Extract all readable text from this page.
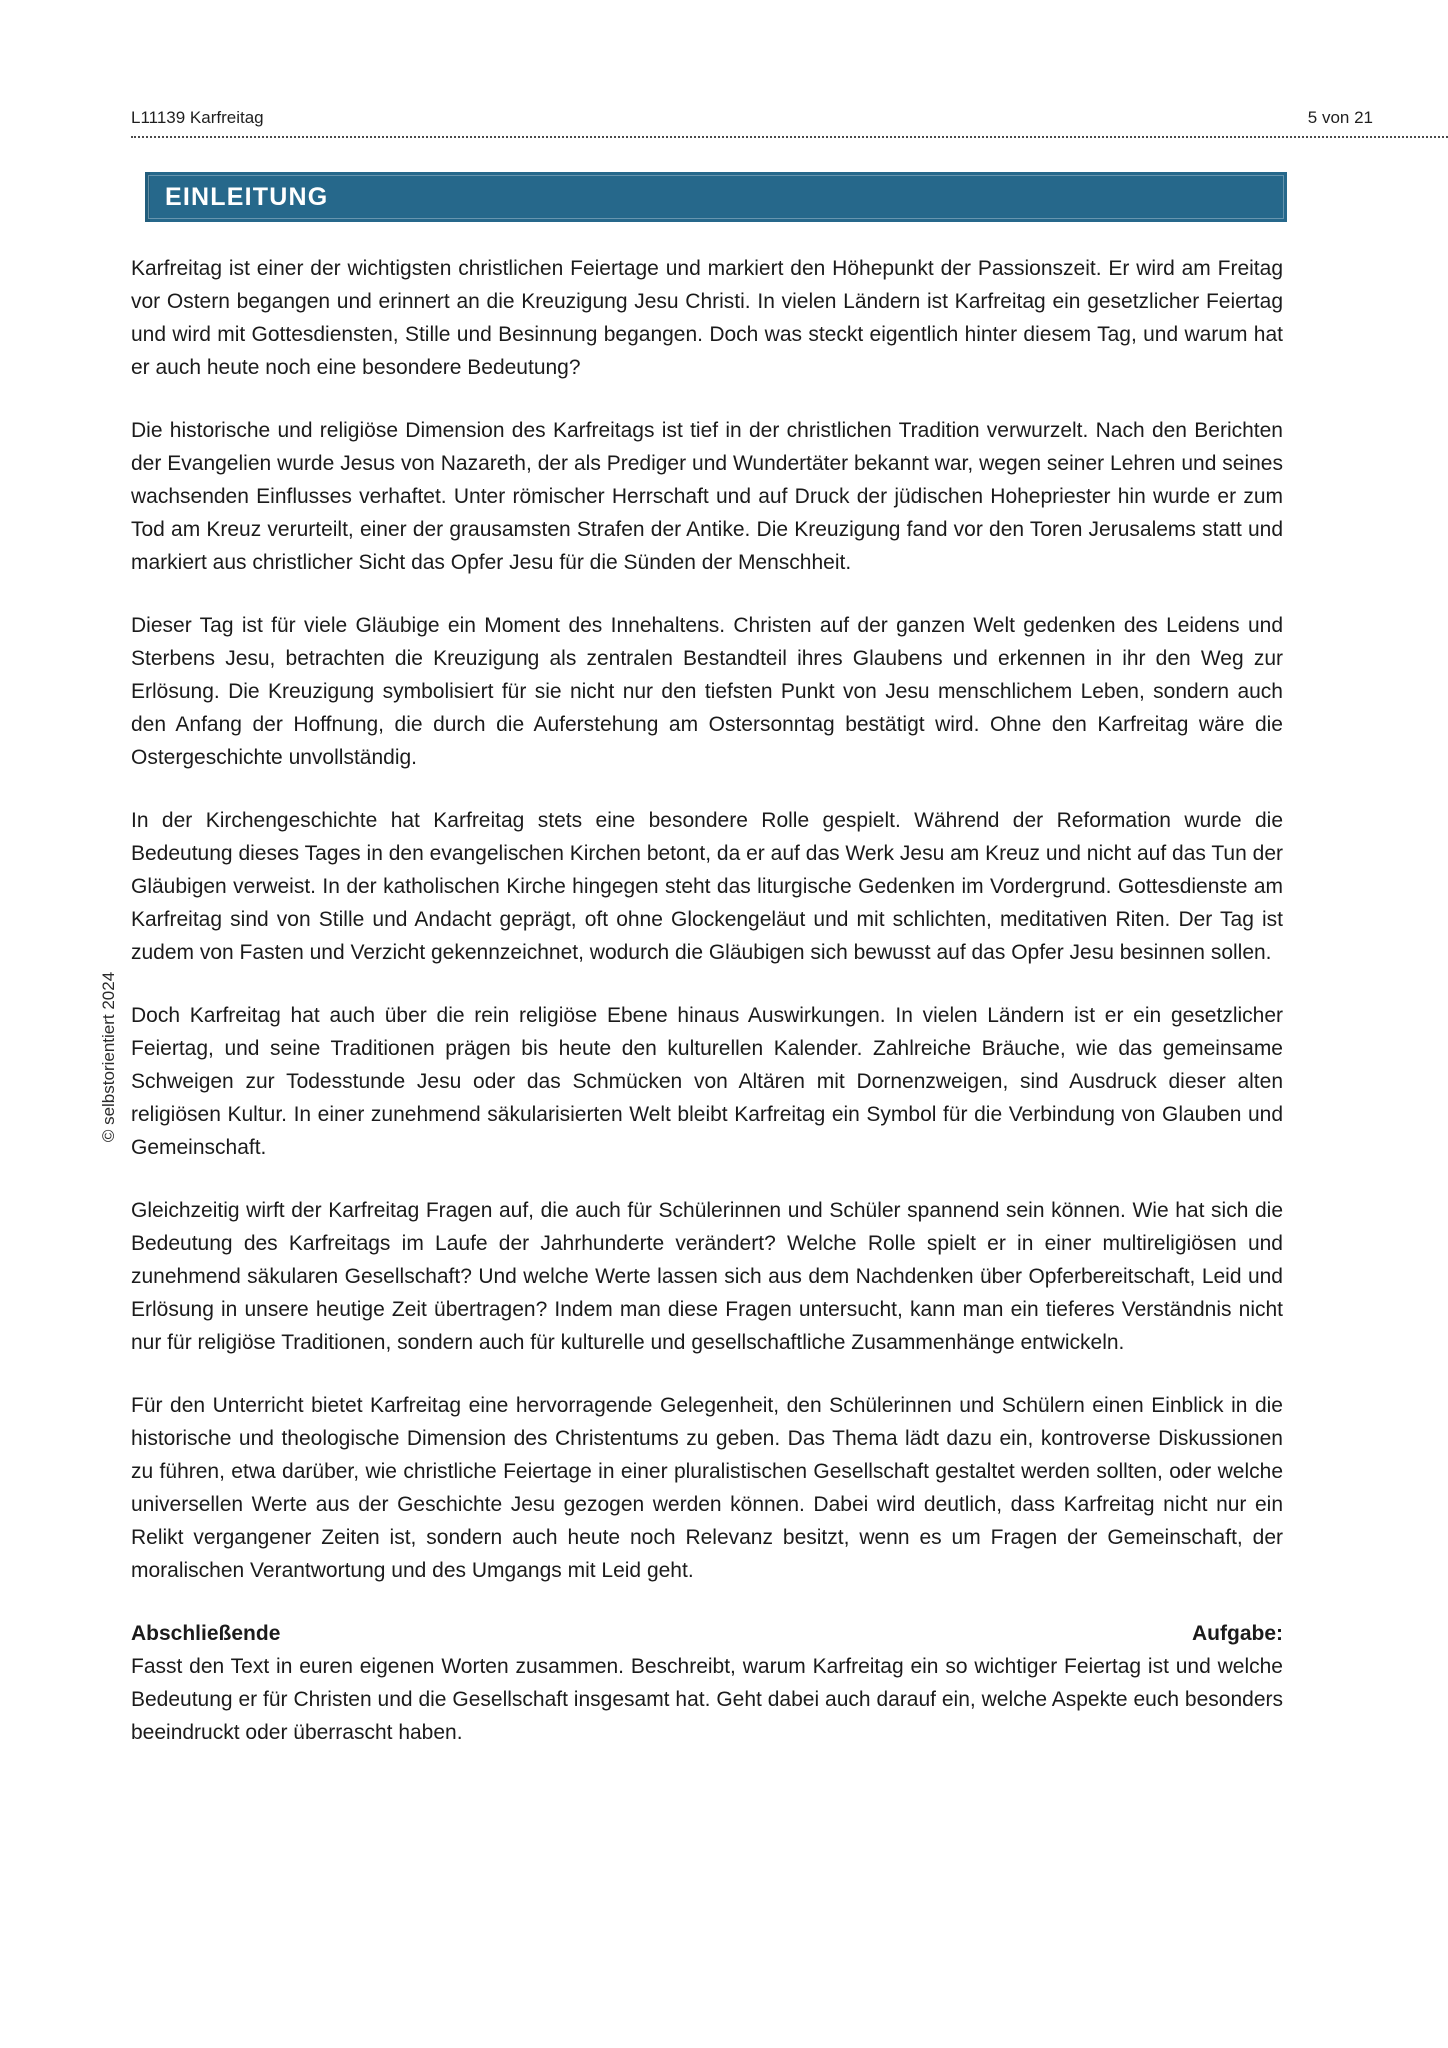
L11139 Karfreitag	5 von 21
EINLEITUNG

Karfreitag ist einer der wichtigsten christlichen Feiertage und markiert den Höhepunkt der Passionszeit. Er wird am Freitag vor Ostern begangen und erinnert an die Kreuzigung Jesu Christi. In vielen Ländern ist Karfreitag ein gesetzlicher Feiertag und wird mit Gottesdiensten, Stille und Besinnung begangen. Doch was steckt eigentlich hinter diesem Tag, und warum hat er auch heute noch eine besondere Bedeutung?

Die historische und religiöse Dimension des Karfreitags ist tief in der christlichen Tradition verwurzelt. Nach den Berichten der Evangelien wurde Jesus von Nazareth, der als Prediger und Wundertäter bekannt war, wegen seiner Lehren und seines wachsenden Einflusses verhaftet. Unter römischer Herrschaft und auf Druck der jüdischen Hohepriester hin wurde er zum Tod am Kreuz verurteilt, einer der grausamsten Strafen der Antike. Die Kreuzigung fand vor den Toren Jerusalems statt und markiert aus christlicher Sicht das Opfer Jesu für die Sünden der Menschheit.

Dieser Tag ist für viele Gläubige ein Moment des Innehaltens. Christen auf der ganzen Welt gedenken des Leidens und Sterbens Jesu, betrachten die Kreuzigung als zentralen Bestandteil ihres Glaubens und erkennen in ihr den Weg zur Erlösung. Die Kreuzigung symbolisiert für sie nicht nur den tiefsten Punkt von Jesu menschlichem Leben, sondern auch den Anfang der Hoffnung, die durch die Auferstehung am Ostersonntag bestätigt wird. Ohne den Karfreitag wäre die Ostergeschichte unvollständig.

In der Kirchengeschichte hat Karfreitag stets eine besondere Rolle gespielt. Während der Reformation wurde die Bedeutung dieses Tages in den evangelischen Kirchen betont, da er auf das Werk Jesu am Kreuz und nicht auf das Tun der Gläubigen verweist. In der katholischen Kirche hingegen steht das liturgische Gedenken im Vordergrund. Gottesdienste am Karfreitag sind von Stille und Andacht geprägt, oft ohne Glockengeläut und mit schlichten, meditativen Riten. Der Tag ist zudem von Fasten und Verzicht gekennzeichnet, wodurch die Gläubigen sich bewusst auf das Opfer Jesu besinnen sollen.

Doch Karfreitag hat auch über die rein religiöse Ebene hinaus Auswirkungen. In vielen Ländern ist er ein gesetzlicher Feiertag, und seine Traditionen prägen bis heute den kulturellen Kalender. Zahlreiche Bräuche, wie das gemeinsame Schweigen zur Todesstunde Jesu oder das Schmücken von Altären mit Dornenzweigen, sind Ausdruck dieser alten religiösen Kultur. In einer zunehmend säkularisierten Welt bleibt Karfreitag ein Symbol für die Verbindung von Glauben und Gemeinschaft.

Gleichzeitig wirft der Karfreitag Fragen auf, die auch für Schülerinnen und Schüler spannend sein können. Wie hat sich die Bedeutung des Karfreitags im Laufe der Jahrhunderte verändert? Welche Rolle spielt er in einer multireligiösen und zunehmend säkularen Gesellschaft? Und welche Werte lassen sich aus dem Nachdenken über Opferbereitschaft, Leid und Erlösung in unsere heutige Zeit übertragen? Indem man diese Fragen untersucht, kann man ein tieferes Verständnis nicht nur für religiöse Traditionen, sondern auch für kulturelle und gesellschaftliche Zusammenhänge entwickeln.

Für den Unterricht bietet Karfreitag eine hervorragende Gelegenheit, den Schülerinnen und Schülern einen Einblick in die historische und theologische Dimension des Christentums zu geben. Das Thema lädt dazu ein, kontroverse Diskussionen zu führen, etwa darüber, wie christliche Feiertage in einer pluralistischen Gesellschaft gestaltet werden sollten, oder welche universellen Werte aus der Geschichte Jesu gezogen werden können. Dabei wird deutlich, dass Karfreitag nicht nur ein Relikt vergangener Zeiten ist, sondern auch heute noch Relevanz besitzt, wenn es um Fragen der Gemeinschaft, der moralischen Verantwortung und des Umgangs mit Leid geht.

Abschließende	Aufgabe:

Fasst den Text in euren eigenen Worten zusammen. Beschreibt, warum Karfreitag ein so wichtiger Feiertag ist und welche Bedeutung er für Christen und die Gesellschaft insgesamt hat. Geht dabei auch darauf ein, welche Aspekte euch besonders beeindruckt oder überrascht haben.

© selbstorientiert 2024
